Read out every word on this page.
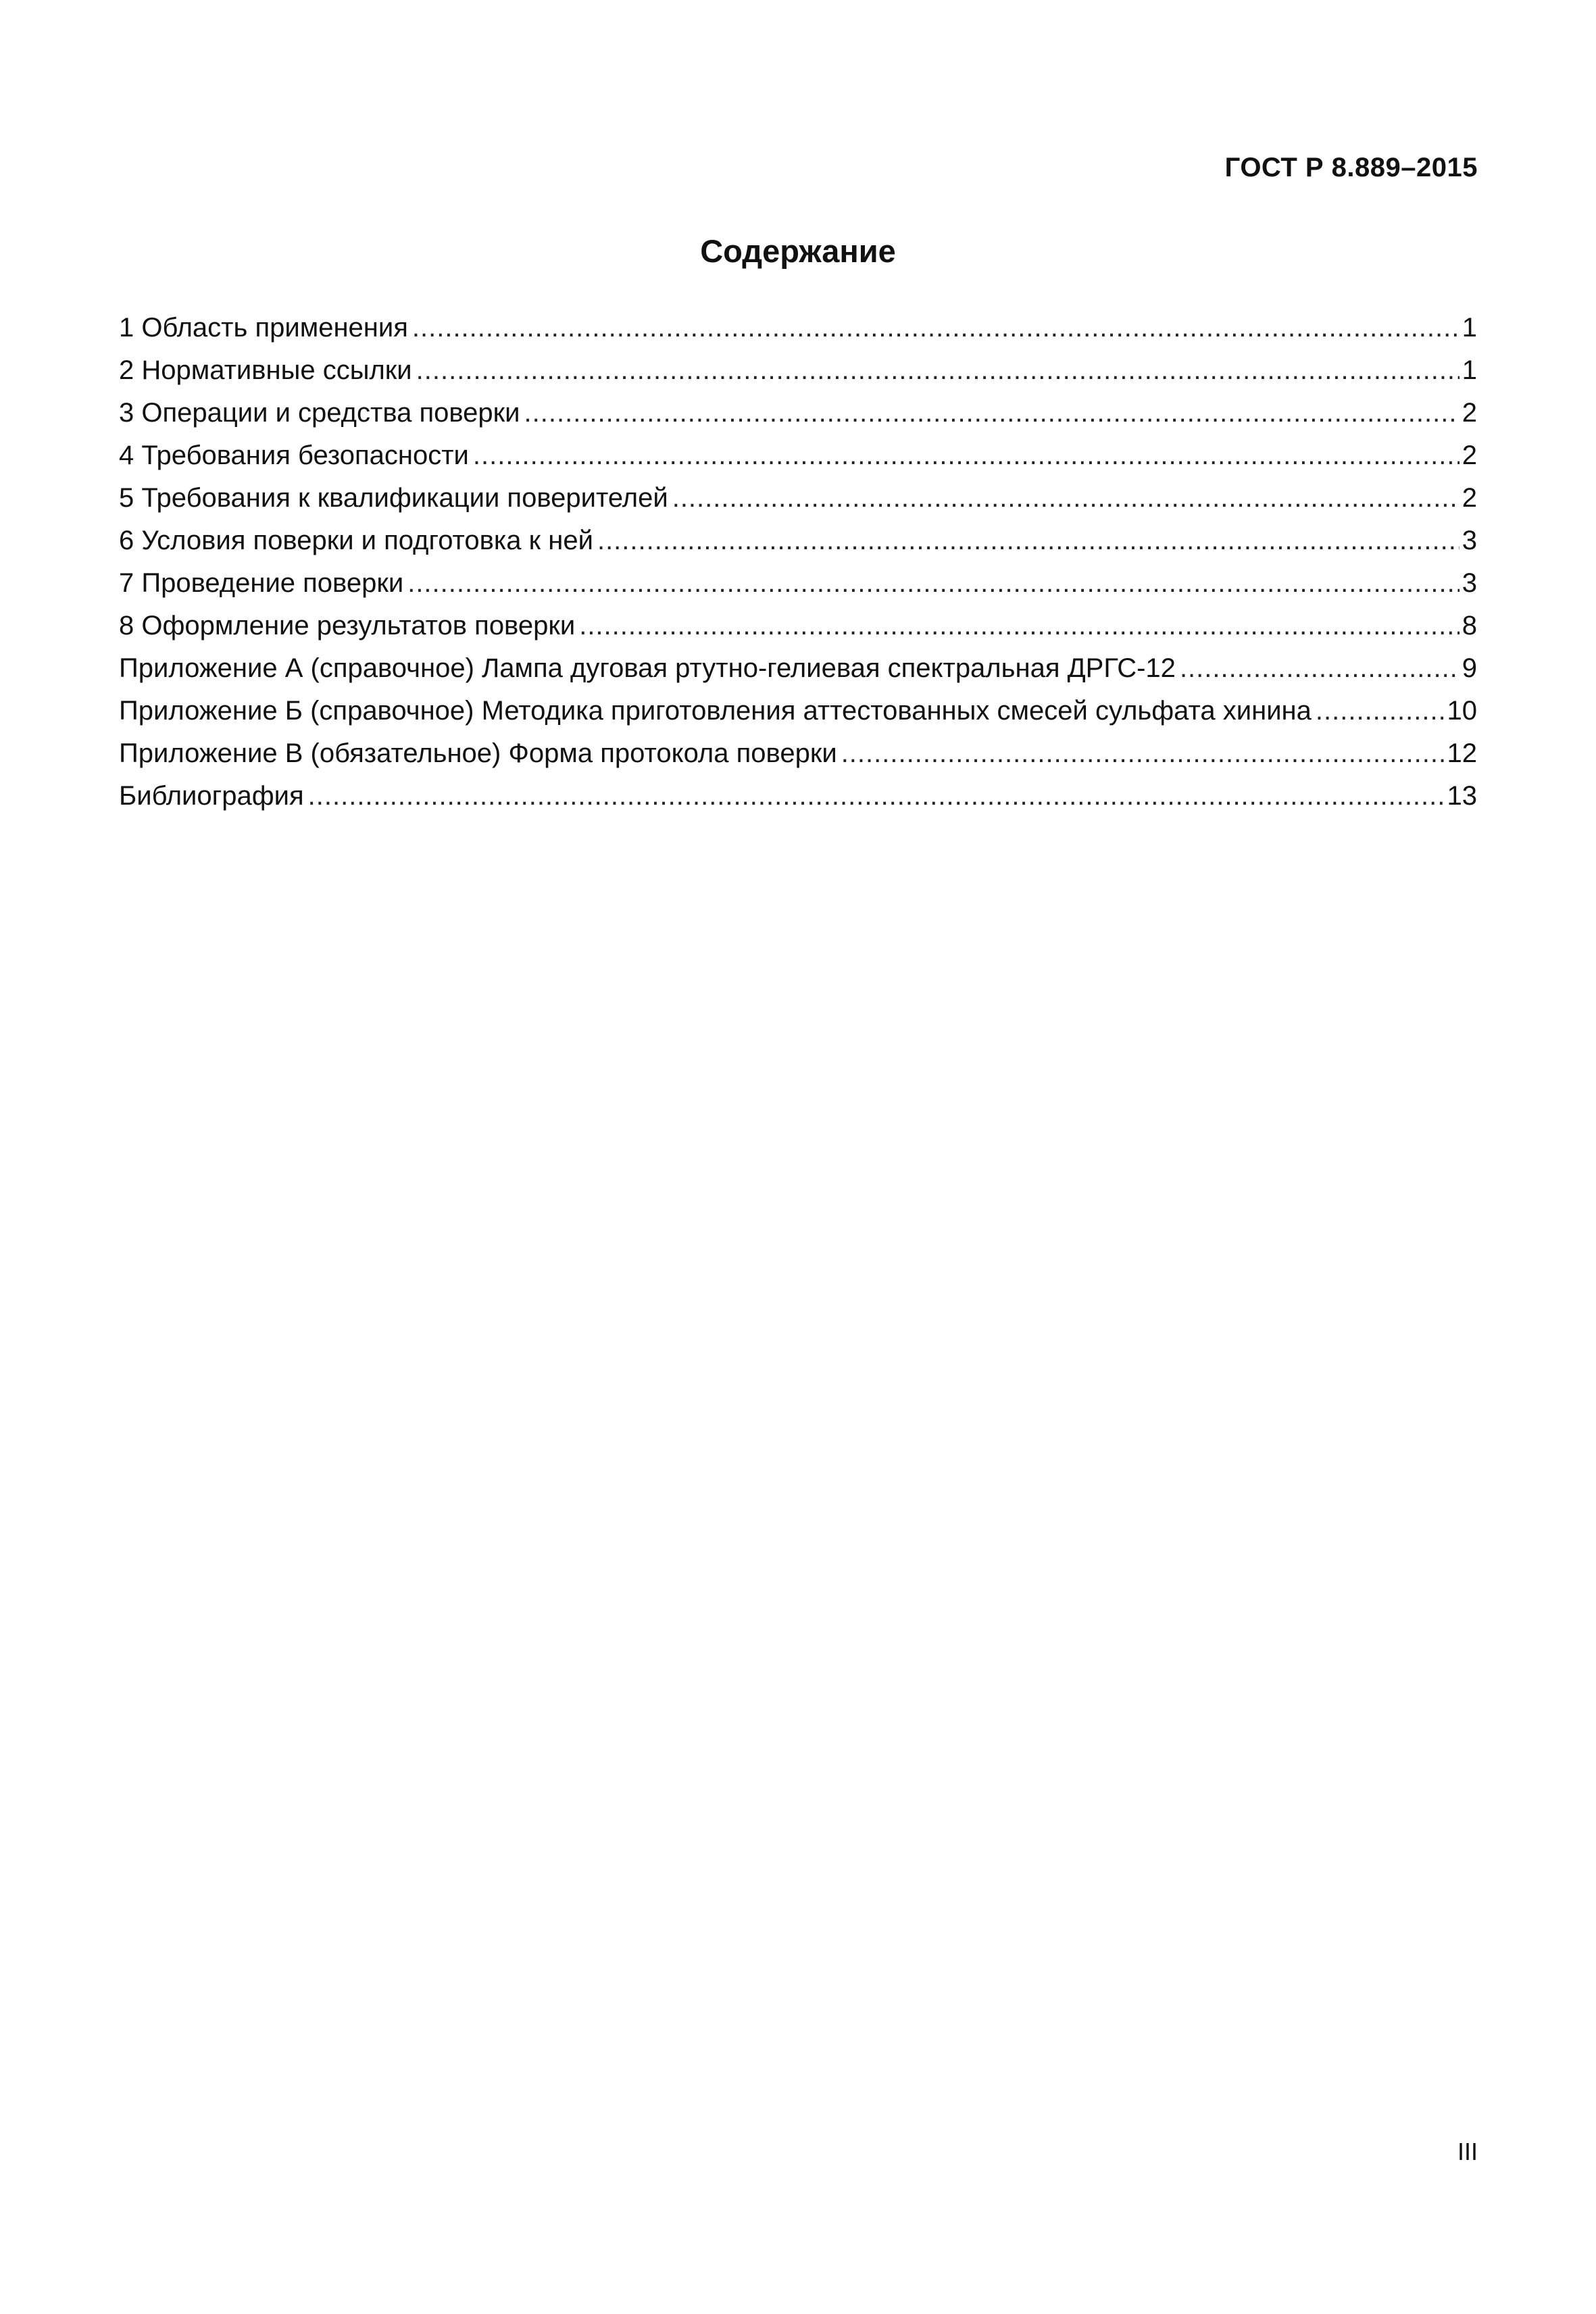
ГОСТ Р 8.889–2015
Содержание
1 Область применения .....	1
2 Нормативные ссылки .....	1
3 Операции и средства поверки .....	2
4 Требования безопасности .....	2
5 Требования к квалификации поверителей .....	2
6 Условия поверки и подготовка к ней .....	3
7 Проведение поверки .....	3
8 Оформление результатов поверки .....	8
Приложение А (справочное) Лампа дуговая ртутно-гелиевая спектральная ДРГС-12 .....	9
Приложение Б (справочное) Методика приготовления аттестованных смесей сульфата хинина .....	10
Приложение В (обязательное) Форма протокола поверки .....	12
Библиография .....	13
III
